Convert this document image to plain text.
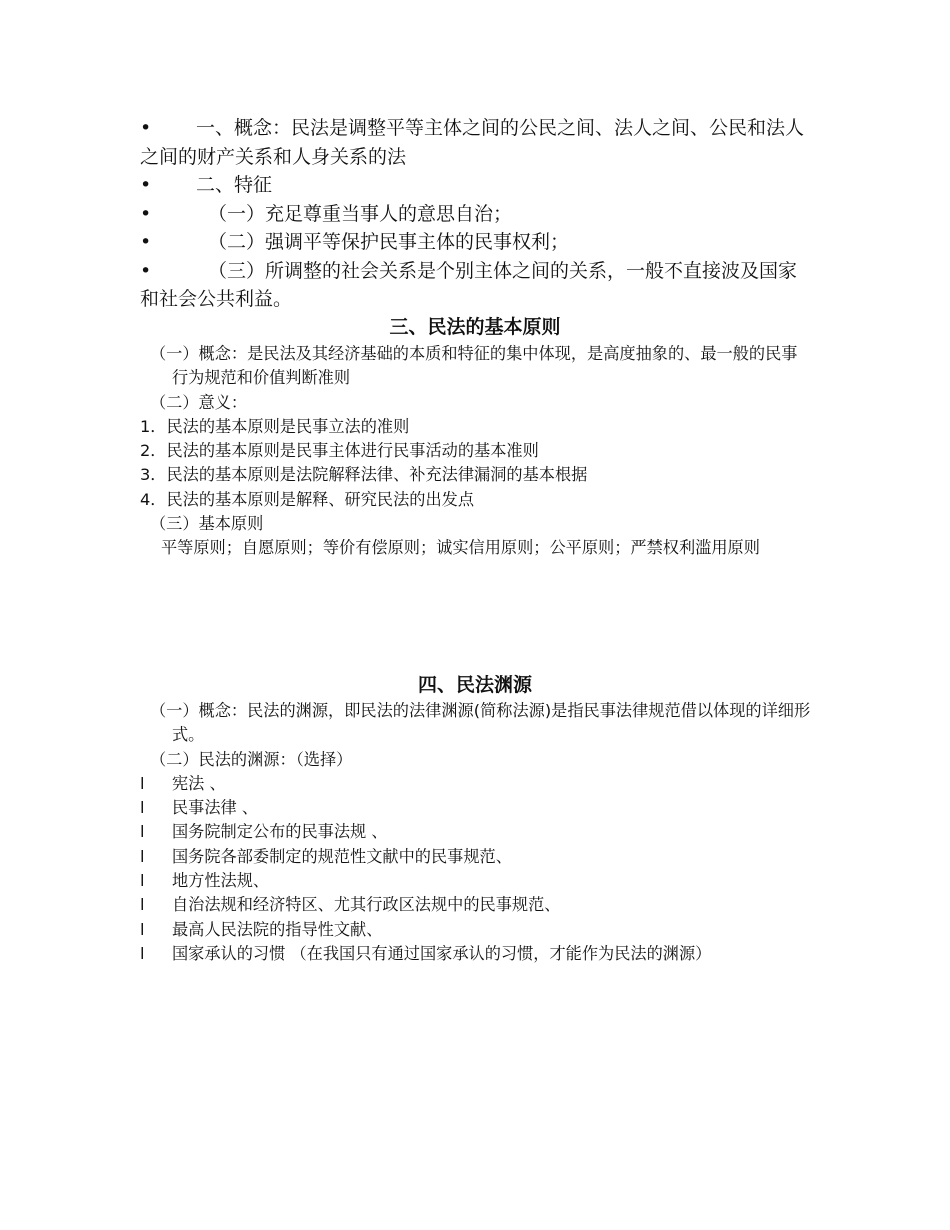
• 一、概念：民法是调整平等主体之间的公民之间、法人之间、公民和法人之间的财产关系和人身关系的法

• 二、特征

•	（一）充足尊重当事人的意思自治；

•	（二）强调平等保护民事主体的民事权利；

•	（三）所调整的社会关系是个别主体之间的关系，一般不直接波及国家和社会公共利益。

三、民法的基本原则

（一）概念：是民法及其经济基础的本质和特征的集中体现，是高度抽象的、最一般的民事行为规范和价值判断准则

（二）意义：

1．民法的基本原则是民事立法的准则

2．民法的基本原则是民事主体进行民事活动的基本准则

3．民法的基本原则是法院解释法律、补充法律漏洞的基本根据

4．民法的基本原则是解释、研究民法的出发点

（三）基本原则

平等原则；自愿原则；等价有偿原则；诚实信用原则；公平原则；严禁权利滥用原则

四、民法渊源

（一）概念：民法的渊源，即民法的法律渊源(简称法源)是指民事法律规范借以体现的详细形式。

（二）民法的渊源：（选择）

l	宪法 、
l	民事法律 、
l	国务院制定公布的民事法规 、
l	国务院各部委制定的规范性文献中的民事规范、
l	地方性法规、
l	自治法规和经济特区、尤其行政区法规中的民事规范、
l	最高人民法院的指导性文献、
l	国家承认的习惯 （在我国只有通过国家承认的习惯，才能作为民法的渊源）
